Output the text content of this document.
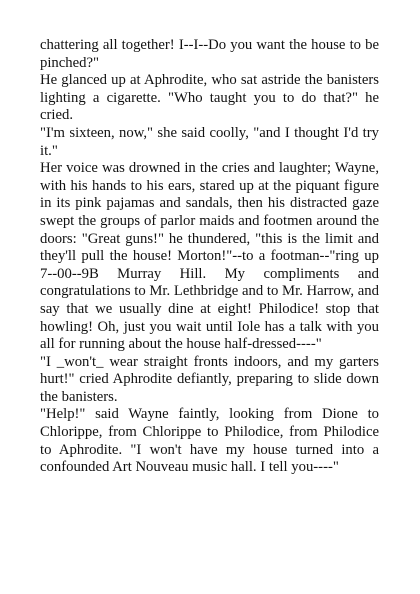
chattering all together! I--I--Do you want the house to be pinched?"

He glanced up at Aphrodite, who sat astride the banisters lighting a cigarette. "Who taught you to do that?" he cried.

"I'm sixteen, now," she said coolly, "and I thought I'd try it."

Her voice was drowned in the cries and laughter; Wayne, with his hands to his ears, stared up at the piquant figure in its pink pajamas and sandals, then his distracted gaze swept the groups of parlor maids and footmen around the doors: "Great guns!" he thundered, "this is the limit and they'll pull the house! Morton!"--to a footman--"ring up 7--00--9B Murray Hill. My compliments and congratulations to Mr. Lethbridge and to Mr. Harrow, and say that we usually dine at eight! Philodice! stop that howling! Oh, just you wait until Iole has a talk with you all for running about the house half-dressed----"

"I _won't_ wear straight fronts indoors, and my garters hurt!" cried Aphrodite defiantly, preparing to slide down the banisters.

"Help!" said Wayne faintly, looking from Dione to Chlorippe, from Chlorippe to Philodice, from Philodice to Aphrodite. "I won't have my house turned into a confounded Art Nouveau music hall. I tell you----"
